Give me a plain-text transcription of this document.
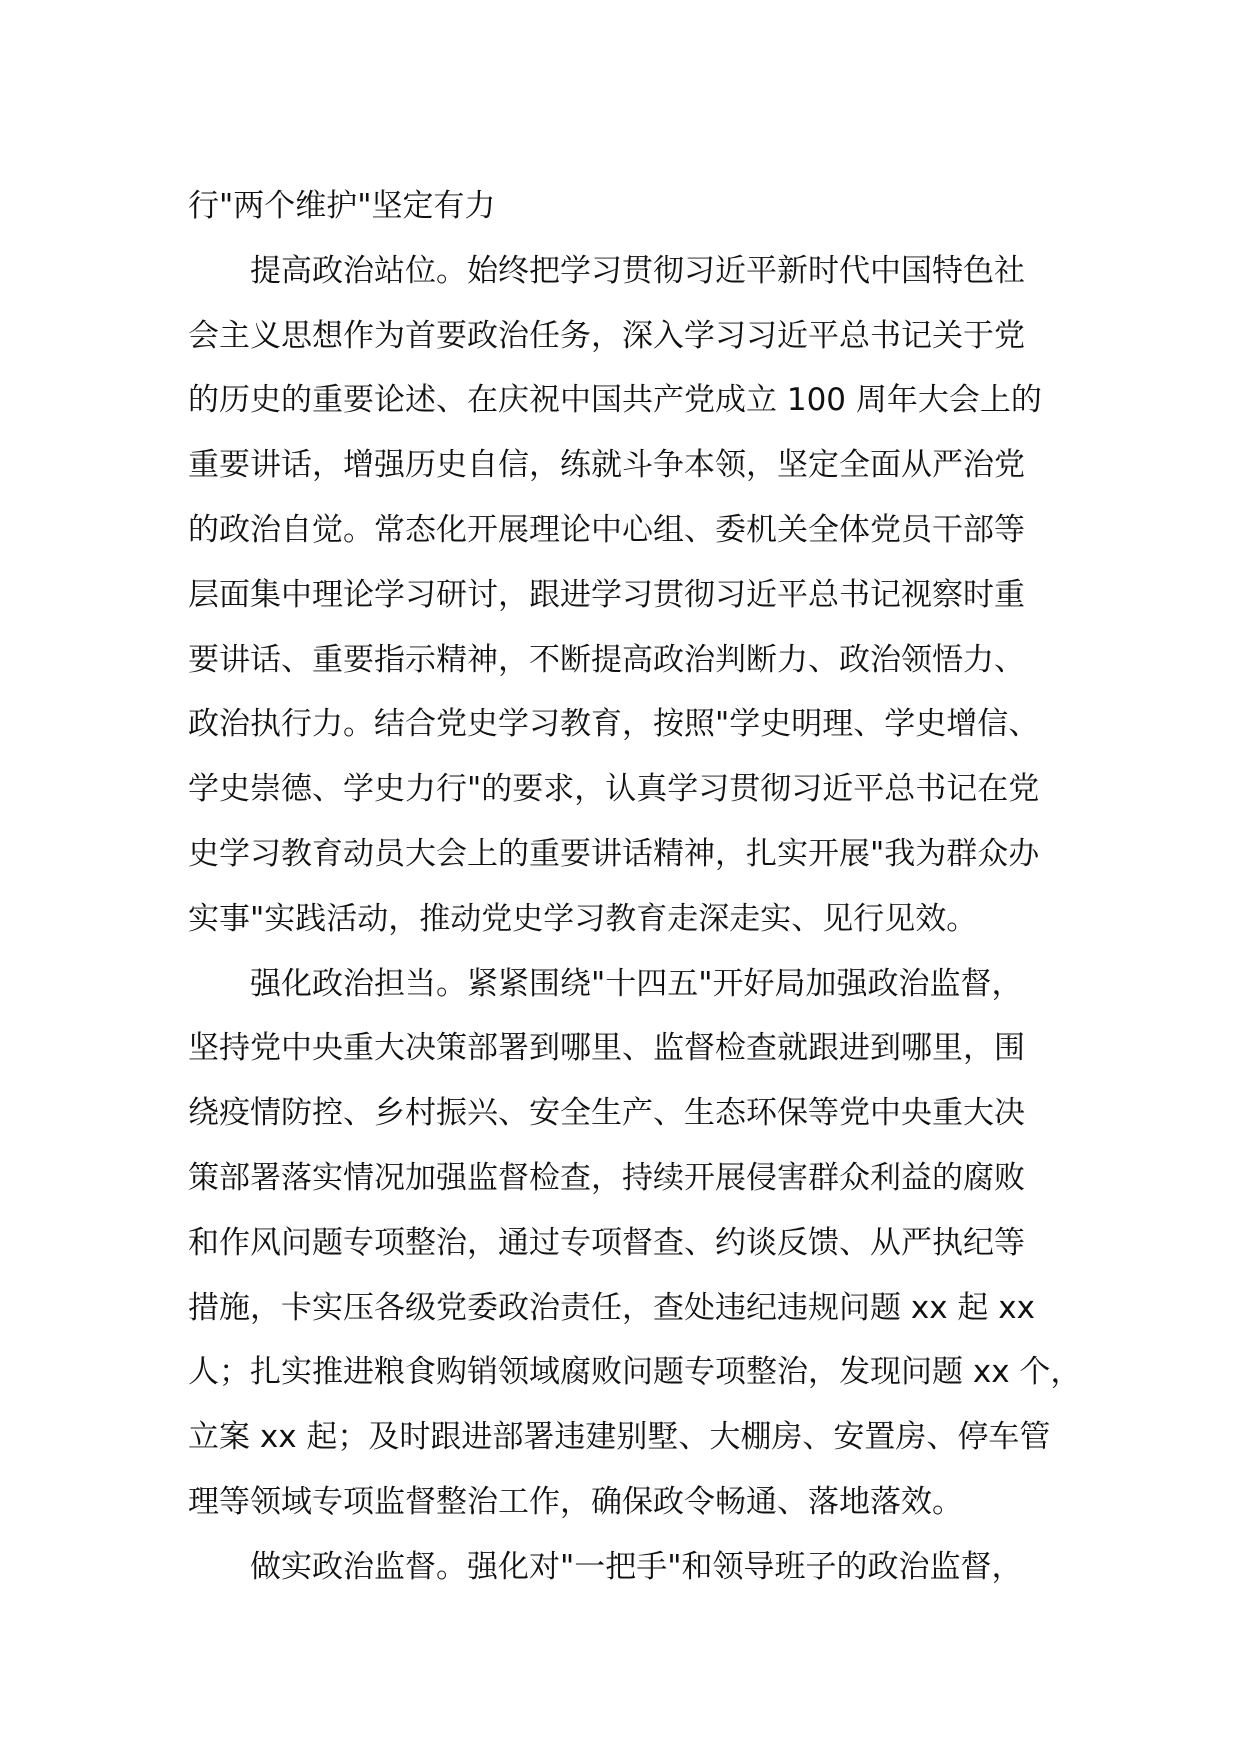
行"两个维护"坚定有力
提高政治站位。始终把学习贯彻习近平新时代中国特色社
会主义思想作为首要政治任务，深入学习习近平总书记关于党
的历史的重要论述、在庆祝中国共产党成立 100 周年大会上的
重要讲话，增强历史自信，练就斗争本领，坚定全面从严治党
的政治自觉。常态化开展理论中心组、委机关全体党员干部等
层面集中理论学习研讨，跟进学习贯彻习近平总书记视察时重
要讲话、重要指示精神，不断提高政治判断力、政治领悟力、
政治执行力。结合党史学习教育，按照"学史明理、学史增信、
学史崇德、学史力行"的要求，认真学习贯彻习近平总书记在党
史学习教育动员大会上的重要讲话精神，扎实开展"我为群众办
实事"实践活动，推动党史学习教育走深走实、见行见效。
强化政治担当。紧紧围绕"十四五"开好局加强政治监督，
坚持党中央重大决策部署到哪里、监督检查就跟进到哪里，围
绕疫情防控、乡村振兴、安全生产、生态环保等党中央重大决
策部署落实情况加强监督检查，持续开展侵害群众利益的腐败
和作风问题专项整治，通过专项督查、约谈反馈、从严执纪等
措施，卡实压各级党委政治责任，查处违纪违规问题 xx 起 xx
人；扎实推进粮食购销领域腐败问题专项整治，发现问题 xx 个，
立案 xx 起；及时跟进部署违建别墅、大棚房、安置房、停车管
理等领域专项监督整治工作，确保政令畅通、落地落效。
做实政治监督。强化对"一把手"和领导班子的政治监督，
